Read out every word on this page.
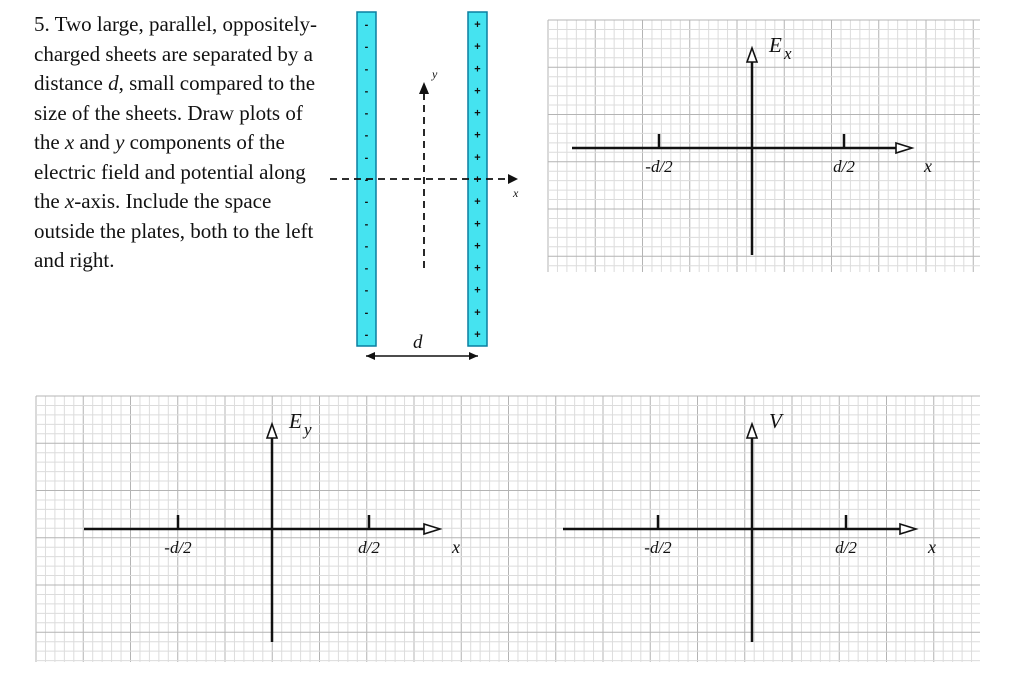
5. Two large, parallel, oppositely-charged sheets are separated by a distance d, small compared to the size of the sheets. Draw plots of the x and y components of the electric field and potential along the x-axis. Include the space outside the plates, both to the left and right.

-
-
-
-
-
-
-
-
-
-
-
-
-
-
-
+
+
+
+
+
+
+
+
+
+
+
+
+
+
+
x
y
d
-d/2	d/2	x
E x
-d/2	d/2	x
E y
-d/2	d/2	x
V
